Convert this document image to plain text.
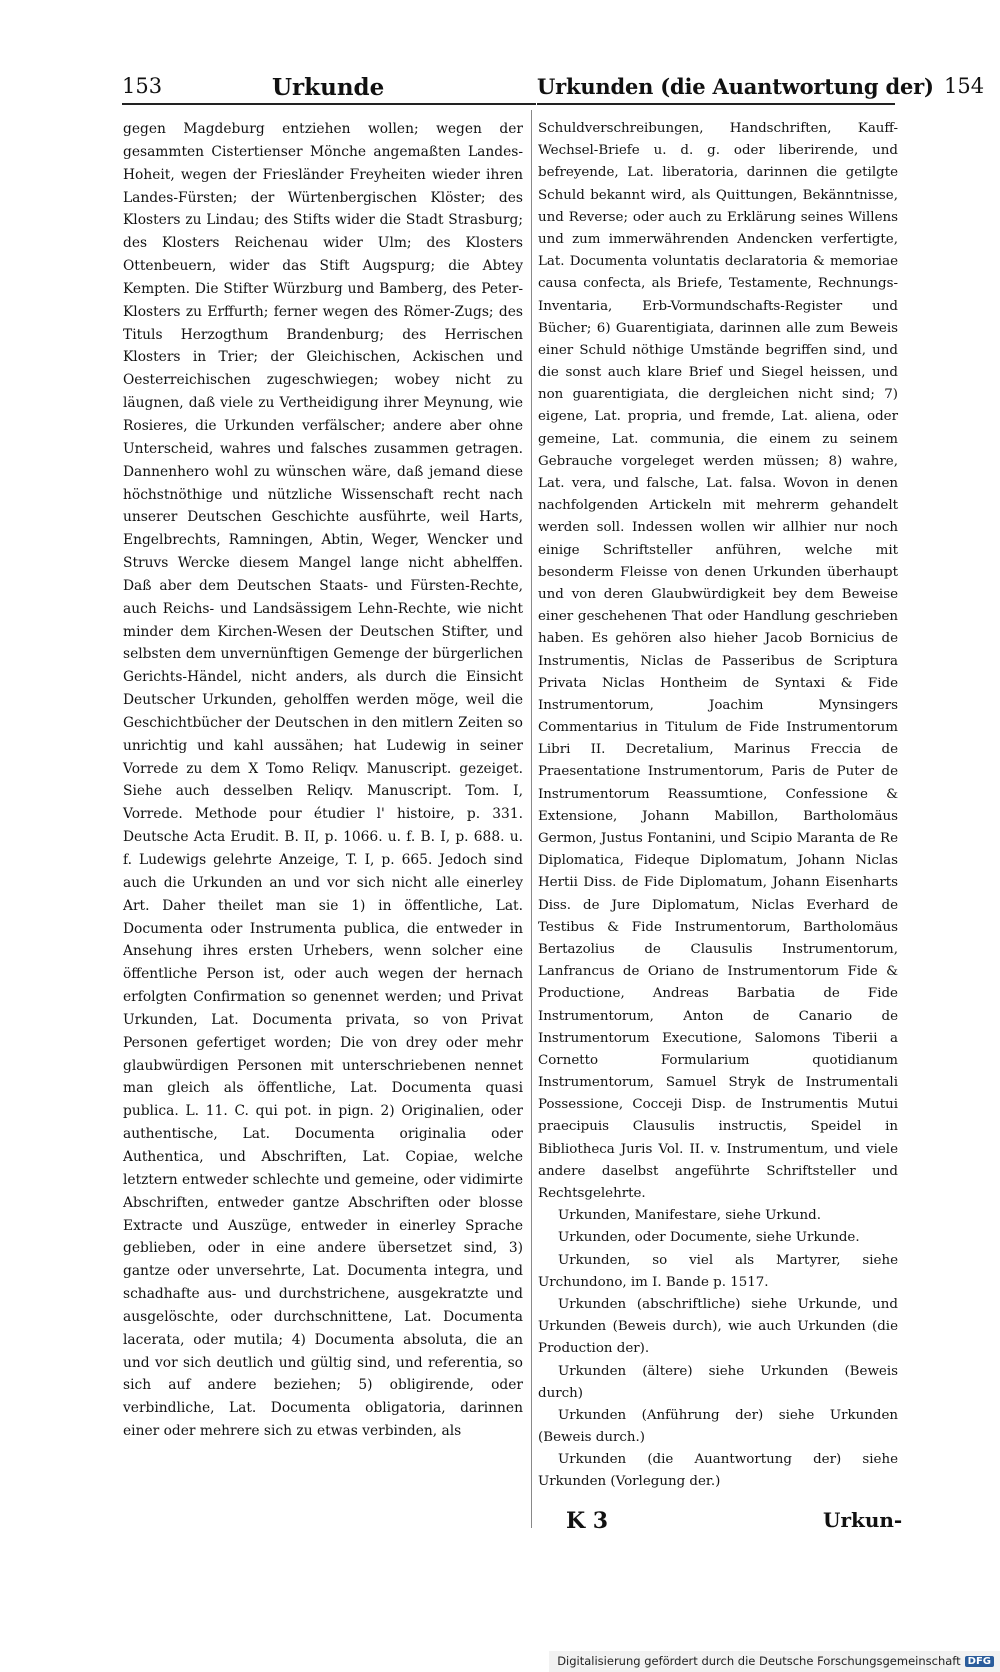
153	Urkunde	Urkunden (die Auantwortung der) 154

gegen Magdeburg entziehen wollen; wegen der gesammten Cistertienser Mönche angemaßten Landes-Hoheit, wegen der Friesländer Freyheiten wieder ihren Landes-Fürsten; der Würtenbergischen Klöster; des Klosters zu Lindau; des Stifts wider die Stadt Strasburg; des Klosters Reichenau wider Ulm; des Klosters Ottenbeuern, wider das Stift Augspurg; die Abtey Kempten. Die Stifter Würzburg und Bamberg, des Peter-Klosters zu Erffurth; ferner wegen des Römer-Zugs; des Tituls Herzogthum Brandenburg; des Herrischen Klosters in Trier; der Gleichischen, Ackischen und Oesterreichischen zugeschwiegen; wobey nicht zu läugnen, daß viele zu Vertheidigung ihrer Meynung, wie Rosieres, die Urkunden verfälscher; andere aber ohne Unterscheid, wahres und falsches zusammen getragen. Dannenhero wohl zu wünschen wäre, daß jemand diese höchstnöthige und nützliche Wissenschaft recht nach unserer Deutschen Geschichte ausführte, weil Harts, Engelbrechts, Ramningen, Abtin, Weger, Wencker und Struvs Wercke diesem Mangel lange nicht abhelffen. Daß aber dem Deutschen Staats- und Fürsten-Rechte, auch Reichs- und Landsässigem Lehn-Rechte, wie nicht minder dem Kirchen-Wesen der Deutschen Stifter, und selbsten dem unvernünftigen Gemenge der bürgerlichen Gerichts-Händel, nicht anders, als durch die Einsicht Deutscher Urkunden, geholffen werden möge, weil die Geschichtbücher der Deutschen in den mitlern Zeiten so unrichtig und kahl aussähen; hat Ludewig in seiner Vorrede zu dem X Tomo Reliqv. Manuscript. gezeiget. Siehe auch desselben Reliqv. Manuscript. Tom. I, Vorrede. Methode pour étudier l' histoire, p. 331. Deutsche Acta Erudit. B. II, p. 1066. u. f. B. I, p. 688. u. f. Ludewigs gelehrte Anzeige, T. I, p. 665. Jedoch sind auch die Urkunden an und vor sich nicht alle einerley Art. Daher theilet man sie 1) in öffentliche, Lat. Documenta oder Instrumenta publica, die entweder in Ansehung ihres ersten Urhebers, wenn solcher eine öffentliche Person ist, oder auch wegen der hernach erfolgten Confirmation so genennet werden; und Privat Urkunden, Lat. Documenta privata, so von Privat Personen gefertiget worden; Die von drey oder mehr glaubwürdigen Personen mit unterschriebenen nennet man gleich als öffentliche, Lat. Documenta quasi publica. L. 11. C. qui pot. in pign. 2) Originalien, oder authentische, Lat. Documenta originalia oder Authentica, und Abschriften, Lat. Copiae, welche letztern entweder schlechte und gemeine, oder vidimirte Abschriften, entweder gantze Abschriften oder blosse Extracte und Auszüge, entweder in einerley Sprache geblieben, oder in eine andere übersetzet sind, 3) gantze oder unversehrte, Lat. Documenta integra, und schadhafte aus- und durchstrichene, ausgekratzte und ausgelöschte, oder durchschnittene, Lat. Documenta lacerata, oder mutila; 4) Documenta absoluta, die an und vor sich deutlich und gültig sind, und referentia, so sich auf andere beziehen; 5) obligirende, oder verbindliche, Lat. Documenta obligatoria, darinnen einer oder mehrere sich zu etwas verbinden, als

Schuldverschreibungen, Handschriften, Kauff-Wechsel-Briefe u. d. g. oder liberirende, und befreyende, Lat. liberatoria, darinnen die getilgte Schuld bekannt wird, als Quittungen, Bekänntnisse, und Reverse; oder auch zu Erklärung seines Willens und zum immerwährenden Andencken verfertigte, Lat. Documenta voluntatis declaratoria & memoriae causa confecta, als Briefe, Testamente, Rechnungs-Inventaria, Erb-Vormundschafts-Register und Bücher; 6) Guarentigiata, darinnen alle zum Beweis einer Schuld nöthige Umstände begriffen sind, und die sonst auch klare Brief und Siegel heissen, und non guarentigiata, die dergleichen nicht sind; 7) eigene, Lat. propria, und fremde, Lat. aliena, oder gemeine, Lat. communia, die einem zu seinem Gebrauche vorgeleget werden müssen; 8) wahre, Lat. vera, und falsche, Lat. falsa. Wovon in denen nachfolgenden Artickeln mit mehrerm gehandelt werden soll. Indessen wollen wir allhier nur noch einige Schriftsteller anführen, welche mit besonderm Fleisse von denen Urkunden überhaupt und von deren Glaubwürdigkeit bey dem Beweise einer geschehenen That oder Handlung geschrieben haben. Es gehören also hieher Jacob Bornicius de Instrumentis, Niclas de Passeribus de Scriptura Privata Niclas Hontheim de Syntaxi & Fide Instrumentorum, Joachim Mynsingers Commentarius in Titulum de Fide Instrumentorum Libri II. Decretalium, Marinus Freccia de Praesentatione Instrumentorum, Paris de Puter de Instrumentorum Reassumtione, Confessione & Extensione, Johann Mabillon, Bartholomäus Germon, Justus Fontanini, und Scipio Maranta de Re Diplomatica, Fideque Diplomatum, Johann Niclas Hertii Diss. de Fide Diplomatum, Johann Eisenharts Diss. de Jure Diplomatum, Niclas Everhard de Testibus & Fide Instrumentorum, Bartholomäus Bertazolius de Clausulis Instrumentorum, Lanfrancus de Oriano de Instrumentorum Fide & Productione, Andreas Barbatia de Fide Instrumentorum, Anton de Canario de Instrumentorum Executione, Salomons Tiberii a Cornetto Formularium quotidianum Instrumentorum, Samuel Stryk de Instrumentali Possessione, Cocceji Disp. de Instrumentis Mutui praecipuis Clausulis instructis, Speidel in Bibliotheca Juris Vol. II. v. Instrumentum, und viele andere daselbst angeführte Schriftsteller und Rechtsgelehrte.

Urkunden, Manifestare, siehe Urkund.

Urkunden, oder Documente, siehe Urkunde.

Urkunden, so viel als Martyrer, siehe Urchundono, im I. Bande p. 1517.

Urkunden (abschriftliche) siehe Urkunde, und Urkunden (Beweis durch), wie auch Urkunden (die Production der).

Urkunden (ältere) siehe Urkunden (Beweis durch)

Urkunden (Anführung der) siehe Urkunden (Beweis durch.)

Urkunden (die Auantwortung der) siehe Urkunden (Vorlegung der.)

K 3	Urkun-
Digitalisierung gefördert durch die Deutsche Forschungsgemeinschaft DFG
